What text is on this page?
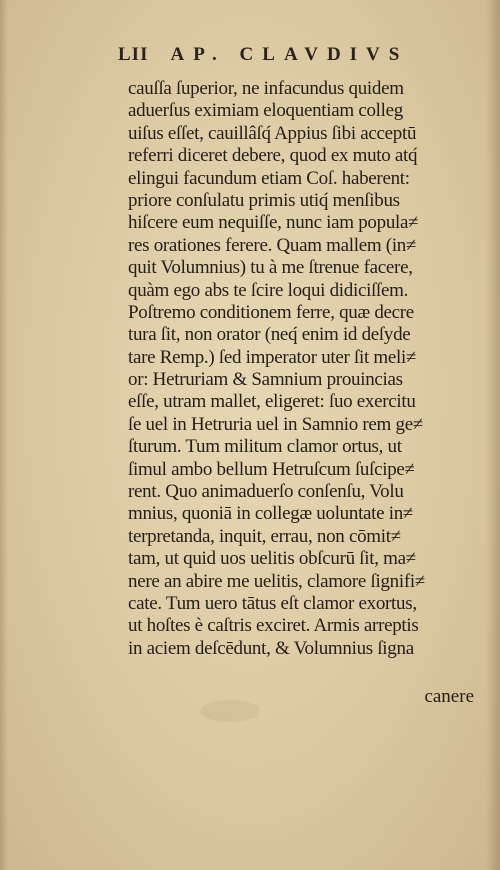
LII AP. CLAVDIVS
cauſſa ſuperior, ne infacundus quidem
aduerſus eximiam eloquentiam colleg
uiſus eſſet, cauillâſq́ Appius ſibi acceptū
referri diceret debere, quod ex muto atq́
elingui facundum etiam Coſ. haberent:
priore conſulatu primis utiq́ menſibus
hiſcere eum nequiſſe, nunc iam popula≠
res orationes ferere. Quam mallem (in≠
quit Volumnius) tu à me ſtrenue facere,
quàm ego abs te ſcire loqui didiciſſem.
Poſtremo conditionem ferre, quæ decre
tura ſit, non orator (neq́ enim id deſyde
tare Remp.) ſed imperator uter ſit meli≠
or: Hetruriam & Samnium prouincias
eſſe, utram mallet, eligeret: ſuo exercitu
ſe uel in Hetruria uel in Samnio rem ge≠
ſturum. Tum militum clamor ortus, ut
ſimul ambo bellum Hetruſcum ſuſcipe≠
rent. Quo animaduerſo conſenſu, Volu
mnius, quoniā in collegæ uoluntate in≠
terpretanda, inquit, errau, non cōmit≠
tam, ut quid uos uelitis obſcurū ſit, ma≠
nere an abire me uelitis, clamore ſignifi≠
cate. Tum uero tātus eſt clamor exortus,
ut hoſtes è caſtris exciret. Armis arreptis
in aciem deſcēdunt, & Volumnius ſigna
canere
